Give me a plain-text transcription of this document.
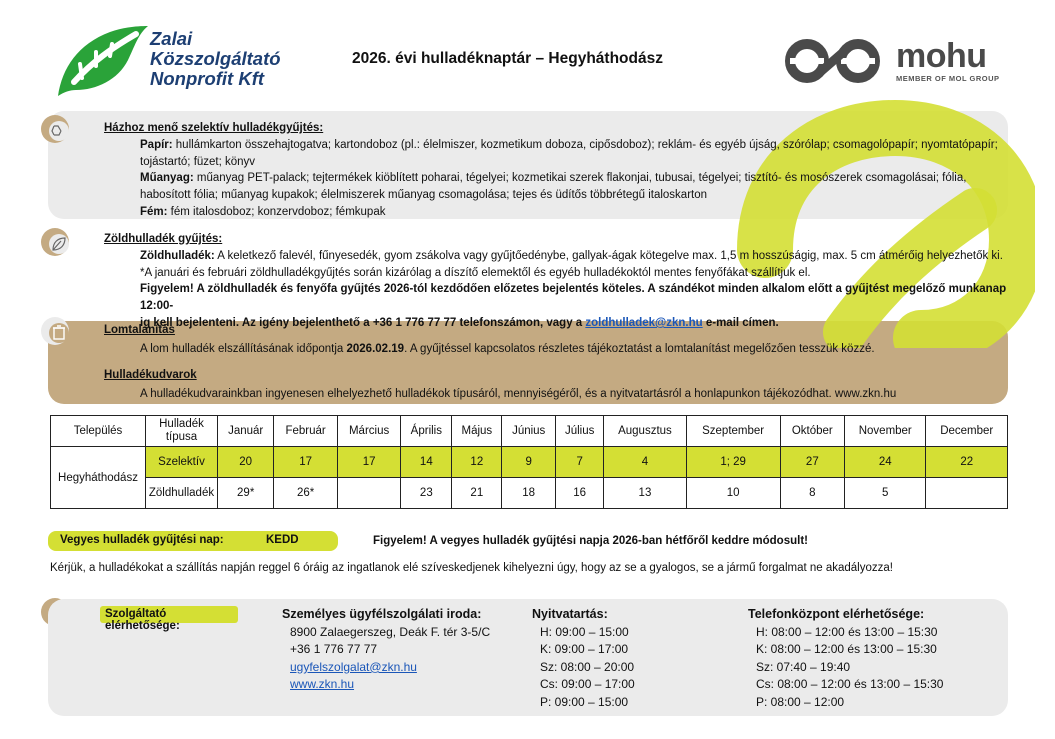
Zalai
Közszolgáltató
Nonprofit Kft
2026. évi hulladéknaptár – Hegyháthodász	mohu
MEMBER OF MOL GROUP
Házhoz menő szelektív hulladékgyűjtés:
Papír: hullámkarton összehajtogatva; kartondoboz (pl.: élelmiszer, kozmetikum doboza, cipősdoboz); reklám- és egyéb újság, szórólap; csomagolópapír; nyomtatópapír;
tojástartó; füzet; könyv
Műanyag: műanyag PET-palack; tejtermékek kiöblített poharai, tégelyei; kozmetikai szerek flakonjai, tubusai, tégelyei; tisztító- és mosószerek csomagolásai; fólia,
habosított fólia; műanyag kupakok; élelmiszerek műanyag csomagolása; tejes és üdítős többrétegű italoskarton
Fém: fém italosdoboz; konzervdoboz; fémkupak
Zöldhulladék gyűjtés:
Zöldhulladék: A keletkező falevél, fűnyesedék, gyom zsákolva vagy gyűjtőedénybe, gallyak-ágak kötegelve max. 1,5 m hosszúságig, max. 5 cm átmérőig helyezhetők ki.
*A januári és februári zöldhulladékgyűjtés során kizárólag a díszítő elemektől és egyéb hulladékoktól mentes fenyőfákat szállítjuk el.
Figyelem! A zöldhulladék és fenyőfa gyűjtés 2026-tól kezdődően előzetes bejelentés köteles. A szándékot minden alkalom előtt a gyűjtést megelőző munkanap 12:00-
ig kell bejelenteni. Az igény bejelenthető a +36 1 776 77 77 telefonszámon, vagy a zoldhulladek@zkn.hu e-mail címen.
Lomtalanítás
A lom hulladék elszállításának időpontja 2026.02.19. A gyűjtéssel kapcsolatos részletes tájékoztatást a lomtalanítást megelőzően tesszük közzé.
Hulladékudvarok
A hulladékudvarainkban ingyenesen elhelyezhető hulladékok típusáról, mennyiségéről, és a nyitvatartásról a honlapunkon tájékozódhat. www.zkn.hu
Település	Hulladék típusa	Január	Február	Március	Április	Május	Június	Július	Augusztus	Szeptember	Október	November	December
Hegyháthodász	Szelektív	20	17	17	14	12	9	7	4	1; 29	27	24	22
	Zöldhulladék	29*	26*		23	21	18	16	13	10	8	5	
Vegyes hulladék gyűjtési nap:	KEDD	Figyelem! A vegyes hulladék gyűjtési napja 2026-ban hétfőről keddre módosult!
Kérjük, a hulladékokat a szállítás napján reggel 6 óráig az ingatlanok elé szíveskedjenek kihelyezni úgy, hogy az se a gyalogos, se a jármű forgalmat ne akadályozza!
Szolgáltató elérhetősége:
Személyes ügyfélszolgálati iroda:
8900 Zalaegerszeg, Deák F. tér 3-5/C
+36 1 776 77 77
ugyfelszolgalat@zkn.hu
www.zkn.hu
Nyitvatartás:
H: 09:00 – 15:00
K: 09:00 – 17:00
Sz: 08:00 – 20:00
Cs: 09:00 – 17:00
P: 09:00 – 15:00
Telefonközpont elérhetősége:
H: 08:00 – 12:00 és 13:00 – 15:30
K: 08:00 – 12:00 és 13:00 – 15:30
Sz: 07:40 – 19:40
Cs: 08:00 – 12:00 és 13:00 – 15:30
P: 08:00 – 12:00
